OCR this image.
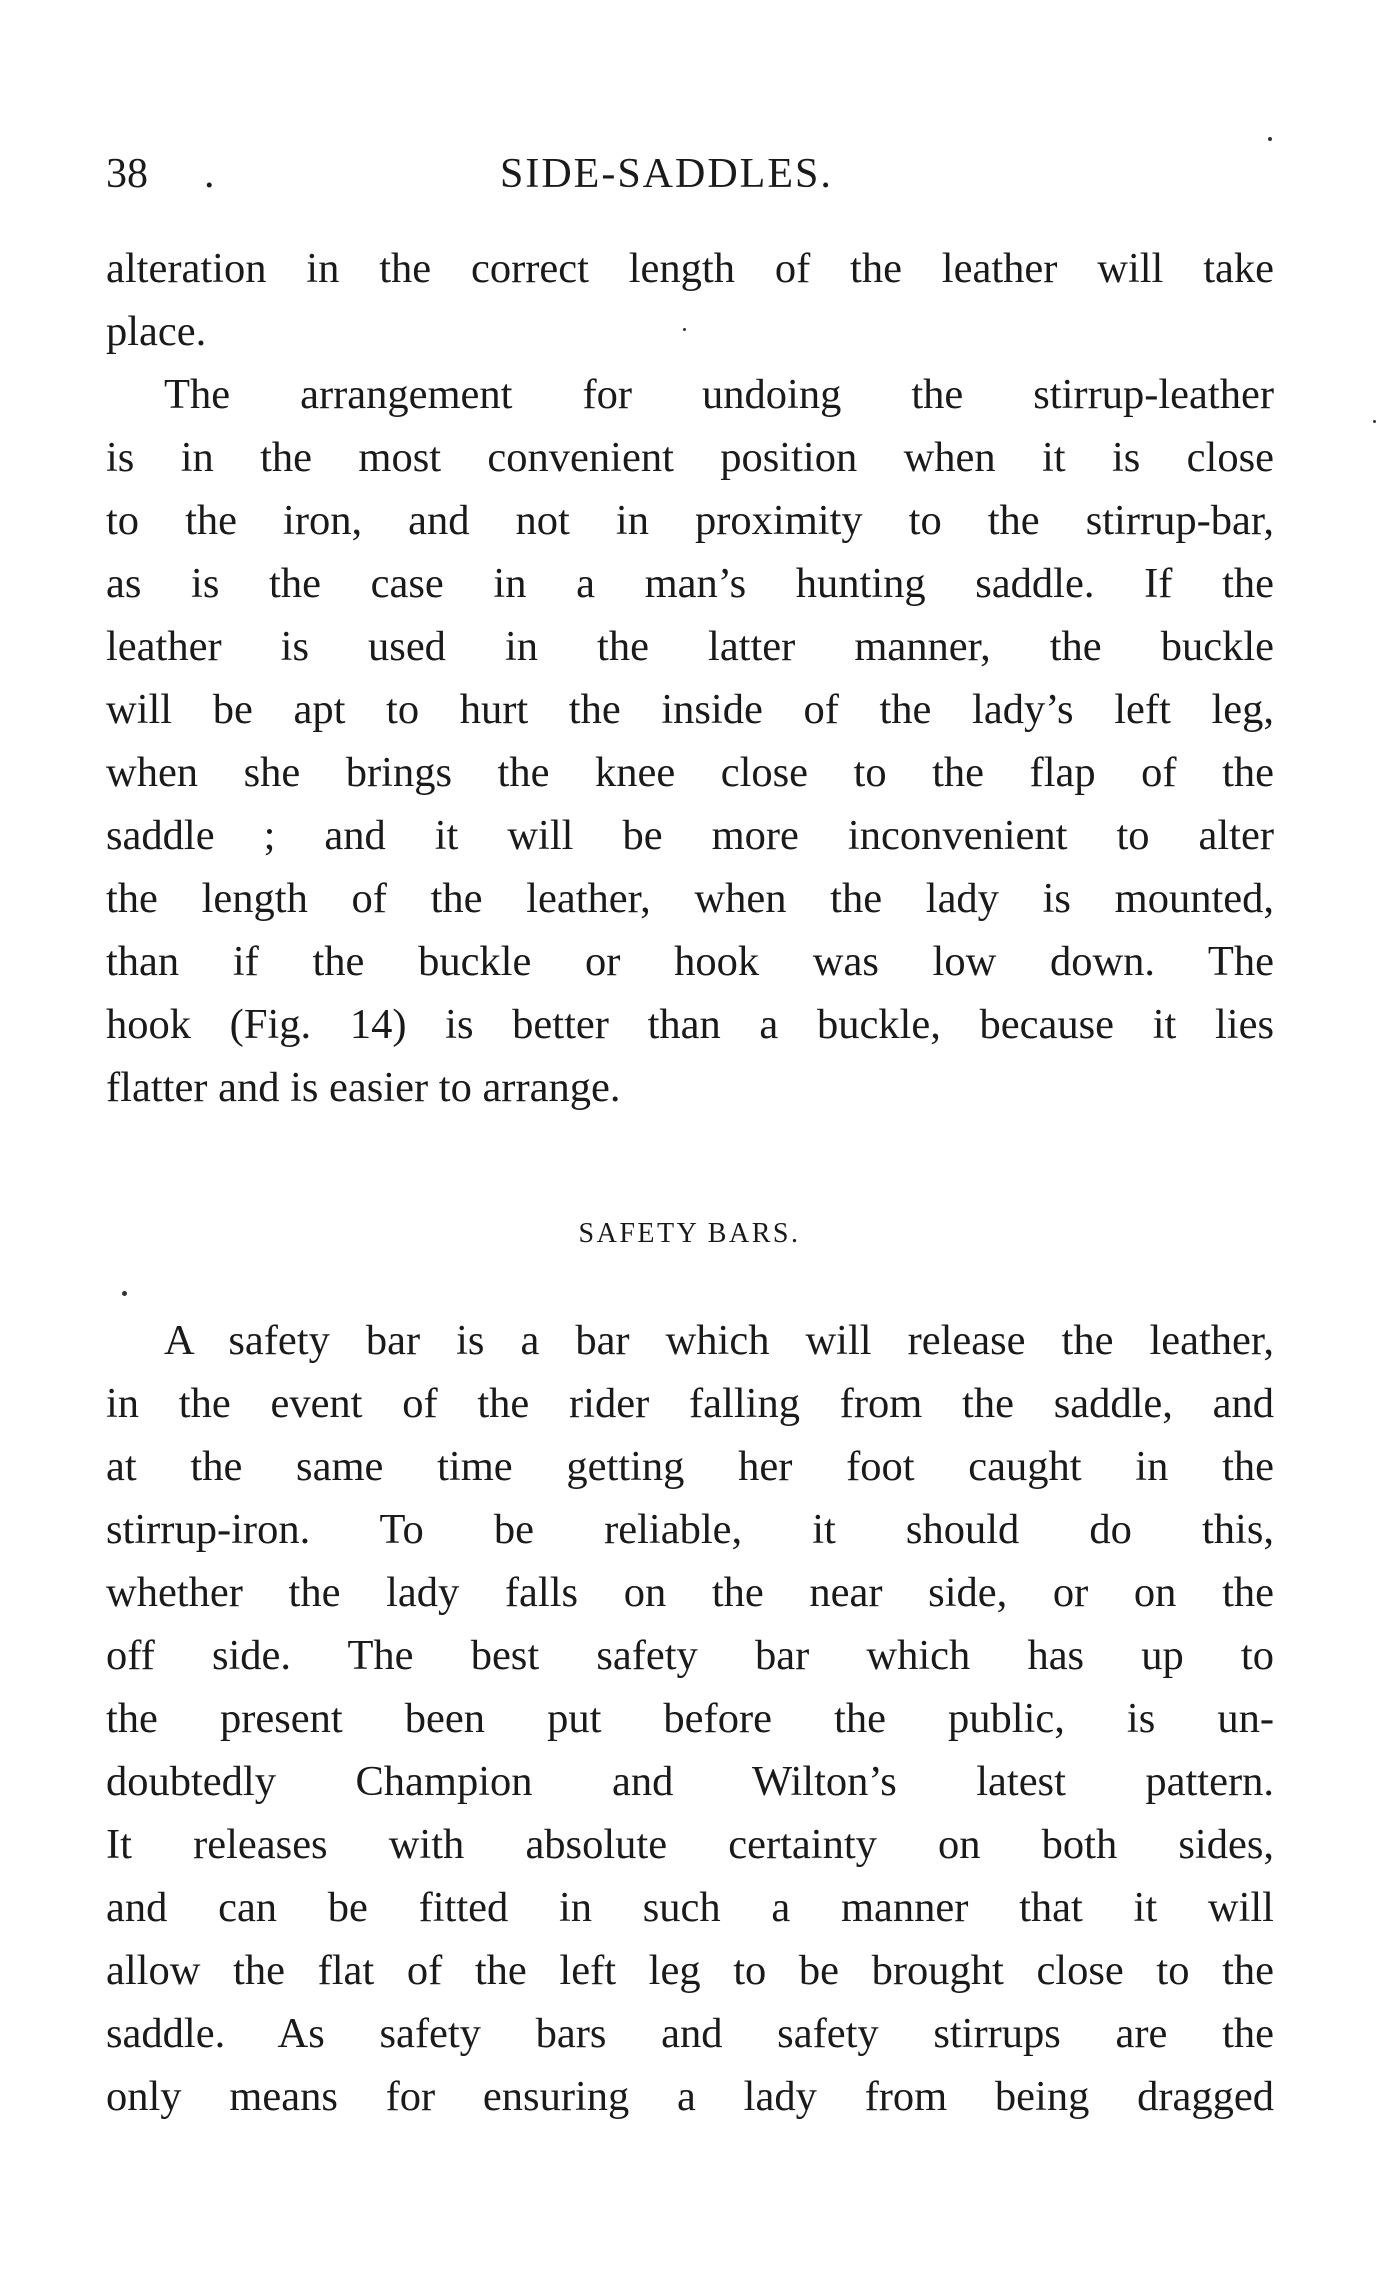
38 .	SIDE-SADDLES.
alteration in the correct length of the leather will take
place.
The arrangement for undoing the stirrup-leather
is in the most convenient position when it is close
to the iron, and not in proximity to the stirrup-bar,
as is the case in a man’s hunting saddle. If the
leather is used in the latter manner, the buckle
will be apt to hurt the inside of the lady’s left leg,
when she brings the knee close to the flap of the
saddle ; and it will be more inconvenient to alter
the length of the leather, when the lady is mounted,
than if the buckle or hook was low down. The
hook (Fig. 14) is better than a buckle, because it lies
flatter and is easier to arrange.
SAFETY BARS.
A safety bar is a bar which will release the leather,
in the event of the rider falling from the saddle, and
at the same time getting her foot caught in the
stirrup-iron. To be reliable, it should do this,
whether the lady falls on the near side, or on the
off side. The best safety bar which has up to
the present been put before the public, is un-
doubtedly Champion and Wilton’s latest pattern.
It releases with absolute certainty on both sides,
and can be fitted in such a manner that it will
allow the flat of the left leg to be brought close to the
saddle. As safety bars and safety stirrups are the
only means for ensuring a lady from being dragged
